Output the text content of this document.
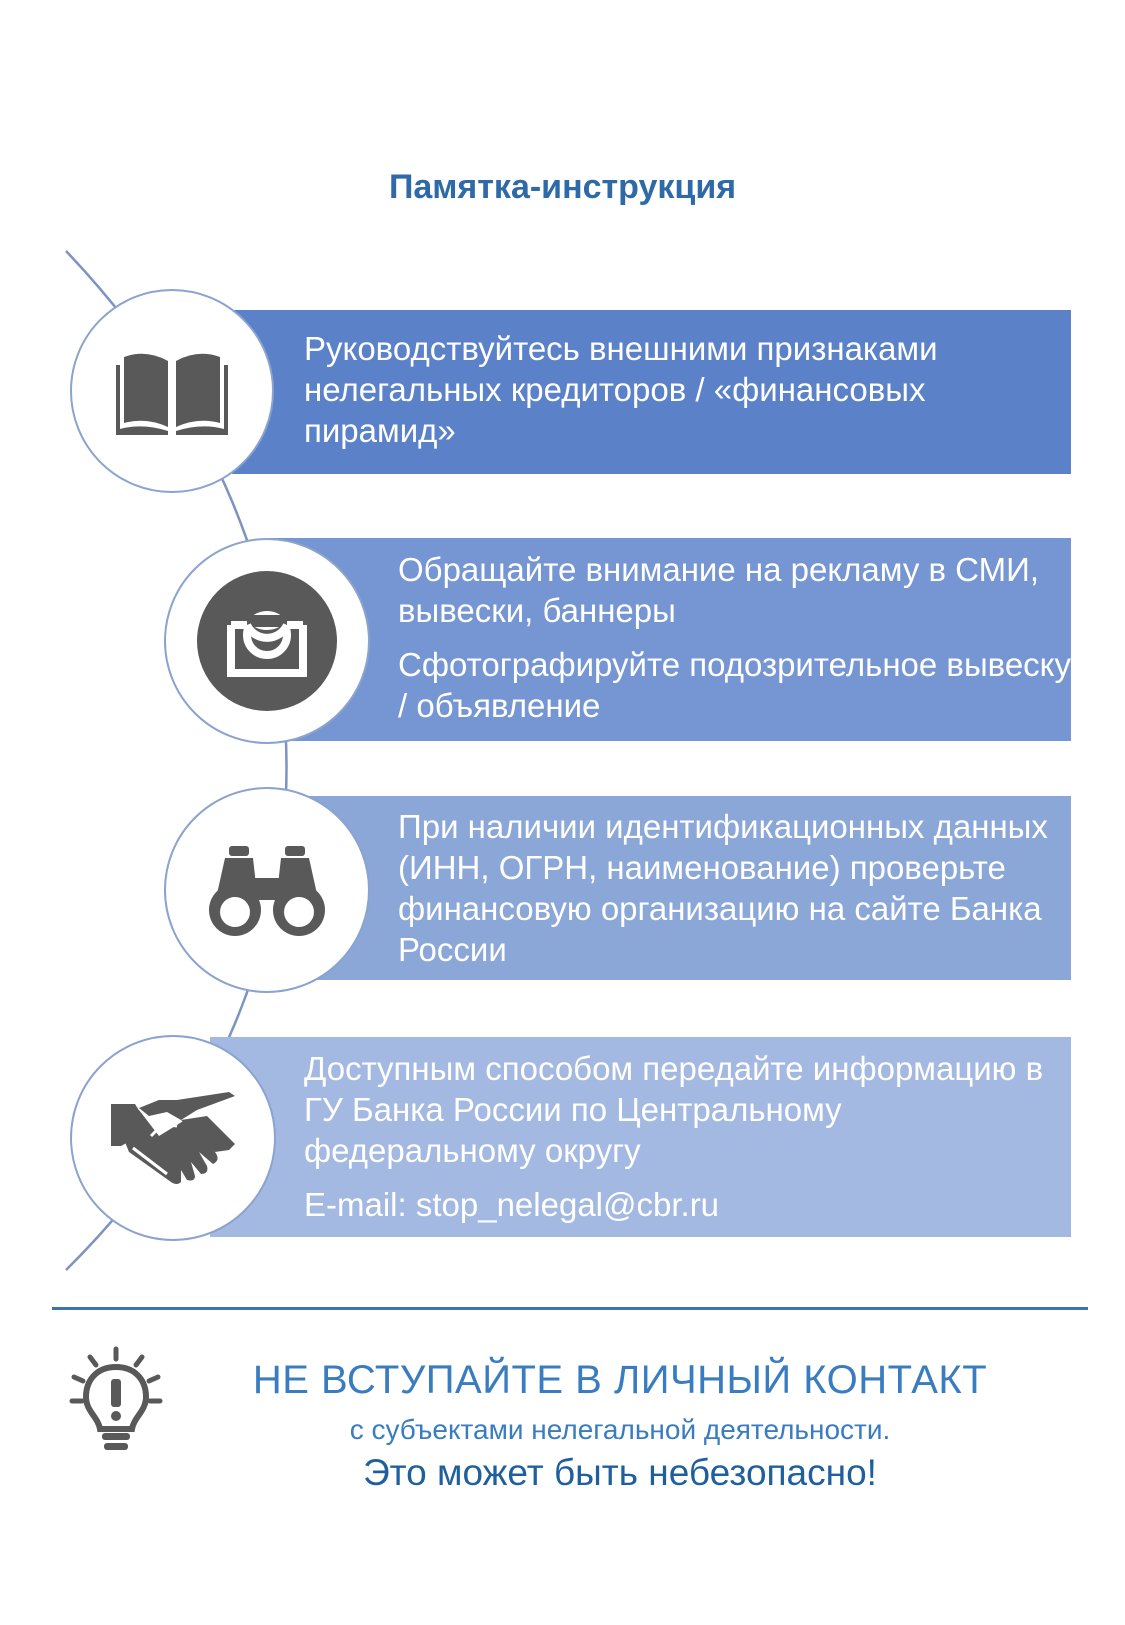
Памятка-инструкция

Руководствуйтесь внешними признаками нелегальных кредиторов / «финансовых пирамид»

Обращайте внимание на рекламу в СМИ, вывески, баннеры

Сфотографируйте подозрительное вывеску / объявление

При наличии идентификационных данных (ИНН, ОГРН, наименование) проверьте финансовую организацию на сайте Банка России

Доступным способом передайте информацию в ГУ Банка России по Центральному федеральному округу

E-mail: stop_nelegal@cbr.ru

НЕ ВСТУПАЙТЕ В ЛИЧНЫЙ КОНТАКТ
с субъектами нелегальной деятельности.
Это может быть небезопасно!
